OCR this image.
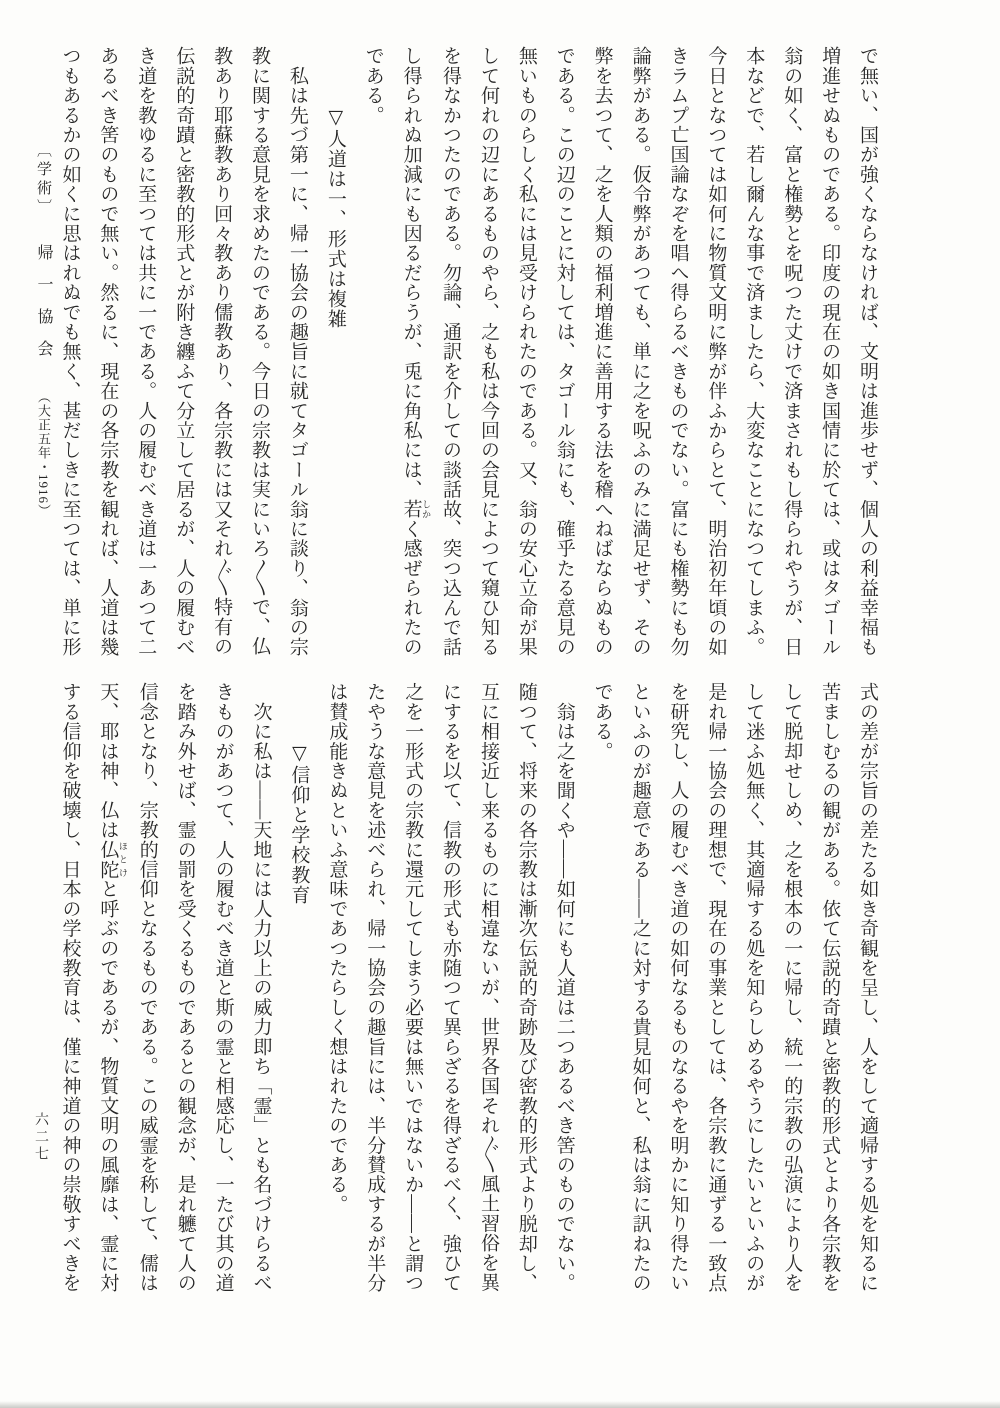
で無い、国が強くならなければ、文明は進歩せず、個人の利益幸福も
増進せぬものである。印度の現在の如き国情に於ては、或はタゴール
翁の如く、富と権勢とを呪つた丈けで済まされもし得られやうが、日
本などで、若し爾んな事で済ましたら、大変なことになつてしまふ。
今日となつては如何に物質文明に弊が伴ふからとて、明治初年頃の如
きラムプ亡国論なぞを唱へ得らるべきものでない。富にも権勢にも勿
論弊がある。仮令弊があつても、単に之を呪ふのみに満足せず、その
弊を去つて、之を人類の福利増進に善用する法を稽へねばならぬもの
である。この辺のことに対しては、タゴール翁にも、確乎たる意見の
無いものらしく私には見受けられたのである。又、翁の安心立命が果
して何れの辺にあるものやら、之も私は今回の会見によつて窺ひ知る
を得なかつたのである。勿論、通訳を介しての談話故、突つ込んで話
し得られぬ加減にも因るだらうが、兎に角私には、若 しかく感ぜられたの
である。
　　　▽人道は一、形式は複雑
　私は先づ第一に、帰一協会の趣旨に就てタゴール翁に談り、翁の宗
教に関する意見を求めたのである。今日の宗教は実にいろ〳〵で、仏
教あり耶蘇教あり回々教あり儒教あり、各宗教には又それ〴〵特有の
伝説的奇蹟と密教的形式とが附き纏ふて分立して居るが、人の履むべ
き道を教ゆるに至つては共に一である。人の履むべき道は一あつて二
あるべき筈のもので無い。然るに、現在の各宗教を観れば、人道は幾
つもあるかの如くに思はれぬでも無く、甚だしきに至つては、単に形
式の差が宗旨の差たる如き奇観を呈し、人をして適帰する処を知るに
苦ましむるの観がある。依て伝説的奇蹟と密教的形式とより各宗教を
して脱却せしめ、之を根本の一に帰し、統一的宗教の弘演により人を
して迷ふ処無く、其適帰する処を知らしめるやうにしたいといふのが
是れ帰一協会の理想で、現在の事業としては、各宗教に通ずる一致点
を研究し、人の履むべき道の如何なるものなるやを明かに知り得たい
といふのが趣意である——之に対する貴見如何と、私は翁に訊ねたの
である。
　翁は之を聞くや——如何にも人道は二つあるべき筈のものでない。
随つて、将来の各宗教は漸次伝説的奇跡及び密教的形式より脱却し、
互に相接近し来るものに相違ないが、世界各国それ〴〵風土習俗を異
にするを以て、信教の形式も亦随つて異らざるを得ざるべく、強ひて
之を一形式の宗教に還元してしまう必要は無いではないか——と謂つ
たやうな意見を述べられ、帰一協会の趣旨には、半分賛成するが半分
は賛成能きぬといふ意味であつたらしく想はれたのである。
　　　▽信仰と学校教育
　次に私は——天地には人力以上の威力即ち「霊」とも名づけらるべ
きものがあつて、人の履むべき道と斯の霊と相感応し、一たび其の道
を踏み外せば、霊の罰を受くるものであるとの観念が、是れ軈て人の
信念となり、宗教的信仰となるものである。この威霊を称して、儒は
天、耶は神、仏は仏陀 ほとけと呼ぶのであるが、物質文明の風靡は、霊に対
する信仰を破壊し、日本の学校教育は、僅に神道の神の崇敬すべきを
〔学術〕帰一協会（大正五年・1916）
六二七
